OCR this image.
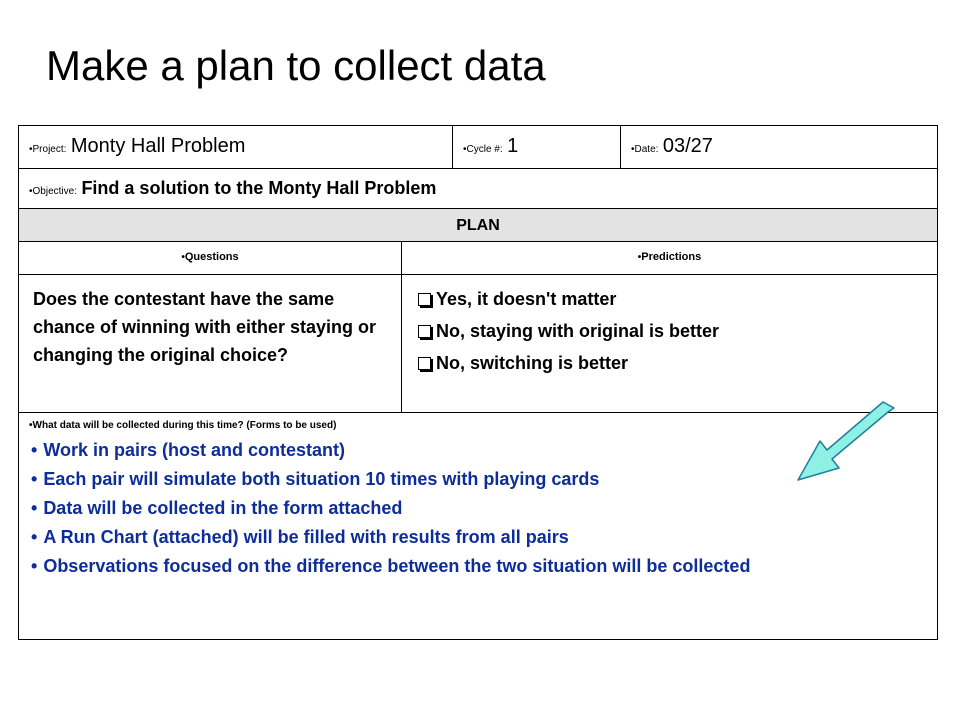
Make a plan to collect data
•Project: Monty Hall Problem	•Cycle #: 1	•Date: 03/27
•Objective: Find a solution to the Monty Hall Problem
PLAN
•Questions	•Predictions
Does the contestant have the same chance of winning with either staying or changing the original choice?
Yes, it doesn't matter
No, staying with original is better
No, switching is better
•What data will be collected during this time? (Forms to be used)
• Work in pairs (host and contestant)
• Each pair will simulate both situation 10 times with playing cards
• Data will be collected in the form attached
• A Run Chart (attached) will be filled with results from all pairs
• Observations focused on the difference between the two situation will be collected
